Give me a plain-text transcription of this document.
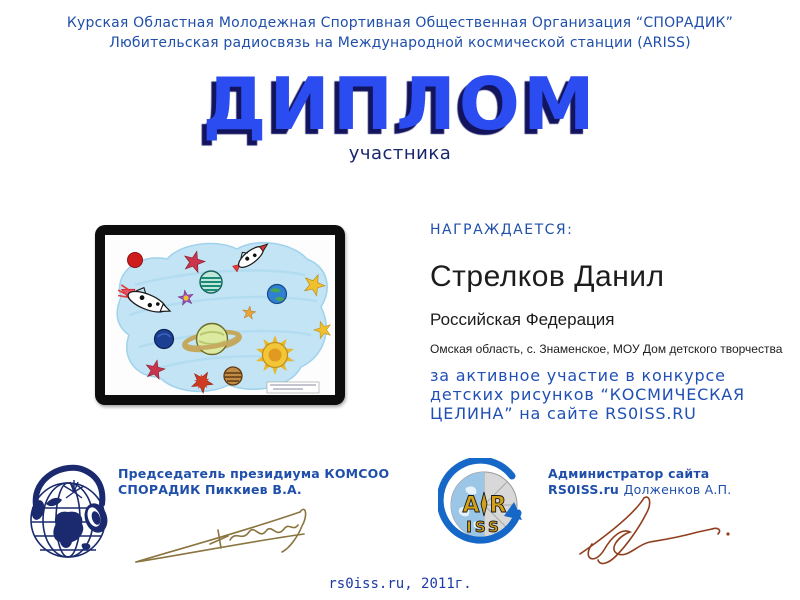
Курская Областная Молодежная Спортивная Общественная Организация “СПОРАДИК”
Любительская радиосвязь на Международной космической станции (ARISS)
ДИПЛОМ
участника
НАГРАЖДАЕТСЯ:
Стрелков Данил
Российская Федерация
Омская область, с. Знаменское, МОУ Дом детского творчества
за активное участие в конкурсе детских рисунков “КОСМИЧЕСКАЯ ЦЕЛИНА” на сайте RS0ISS.RU
A R
ISS
Председатель президиума КОМСОО
СПОРАДИК Пиккиев В.А.
Администратор сайта
RS0ISS.ru Долженков А.П.
rs0iss.ru, 2011г.
